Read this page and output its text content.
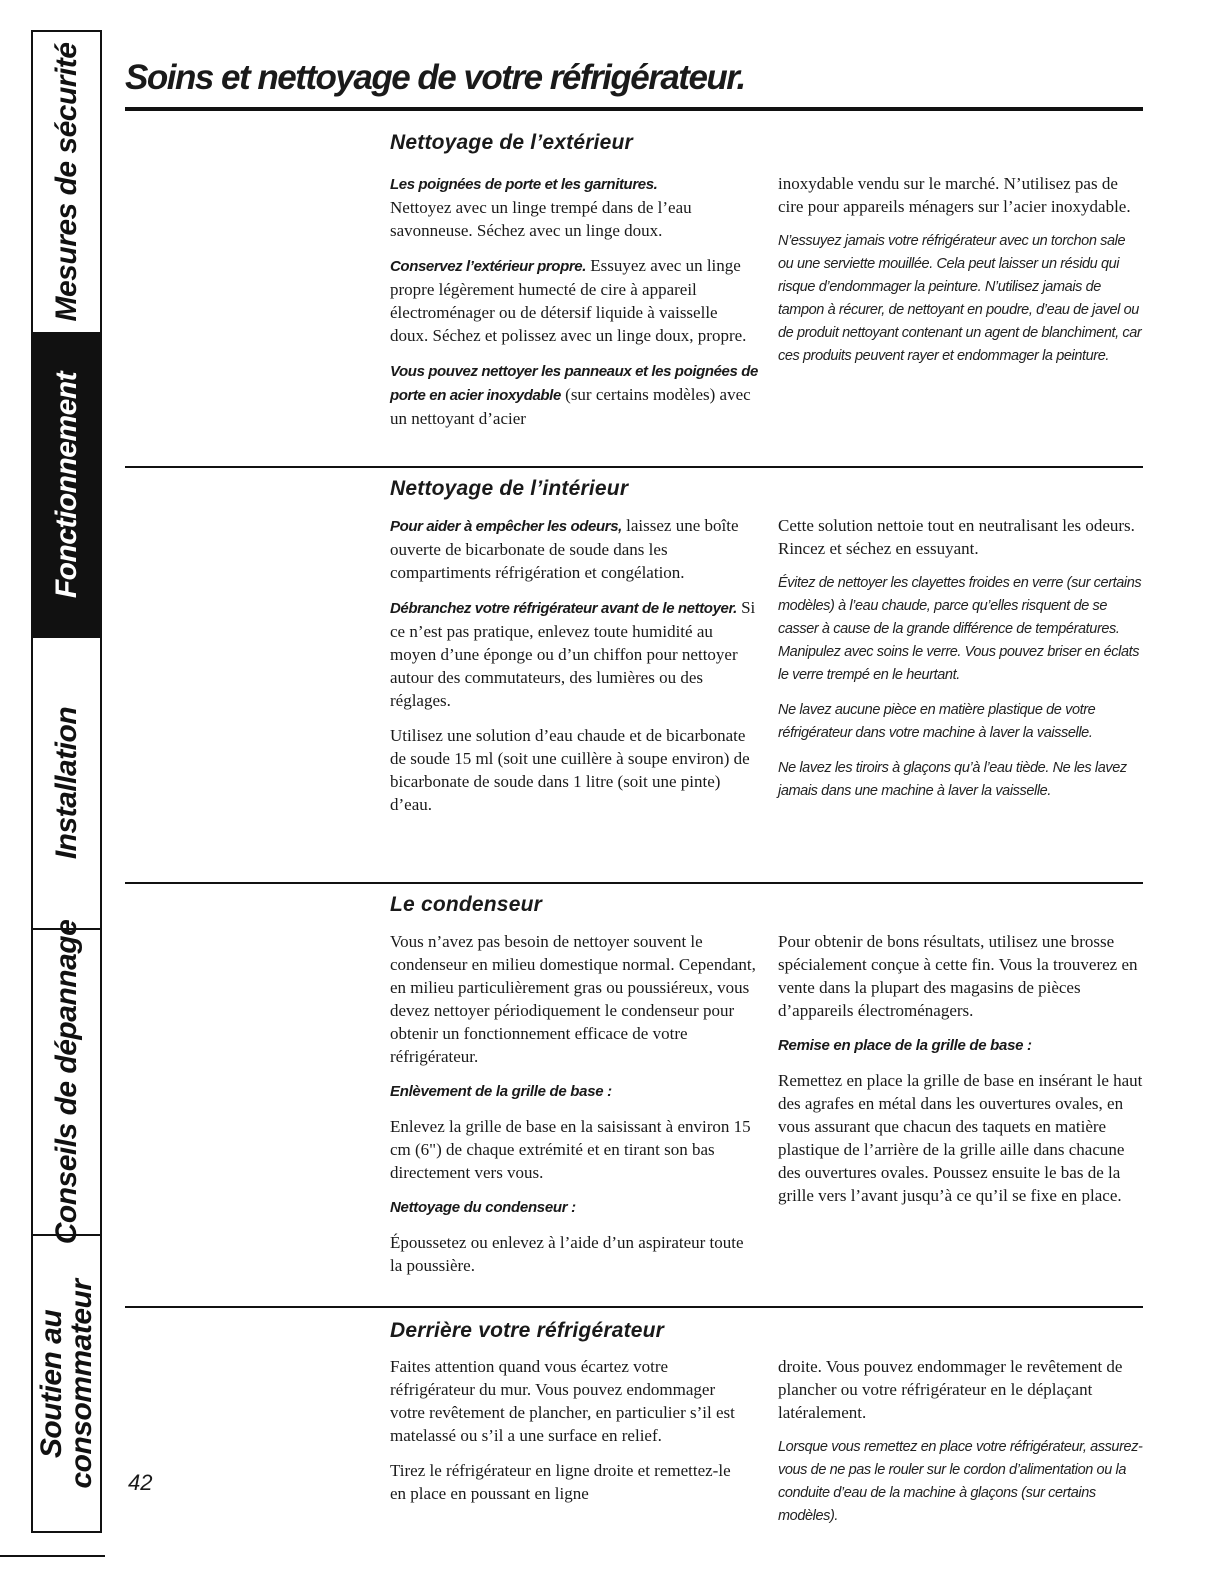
Mesures de sécurité
Fonctionnement
Installation
Conseils de dépannage
Soutien au
consommateur
Soins et nettoyage de votre réfrigérateur.
Nettoyage de l’extérieur

Les poignées de porte et les garnitures.
Nettoyez avec un linge trempé dans de l’eau savonneuse. Séchez avec un linge doux.

Conservez l’extérieur propre. Essuyez avec un linge propre légèrement humecté de cire à appareil électroménager ou de détersif liquide à vaisselle doux. Séchez et polissez avec un linge doux, propre.

Vous pouvez nettoyer les panneaux et les poignées de porte en acier inoxydable (sur certains modèles) avec un nettoyant d’acier

inoxydable vendu sur le marché. N’utilisez pas de cire pour appareils ménagers sur l’acier inoxydable.

N’essuyez jamais votre réfrigérateur avec un torchon sale ou une serviette mouillée. Cela peut laisser un résidu qui risque d’endommager la peinture. N’utilisez jamais de tampon à récurer, de nettoyant en poudre, d’eau de javel ou de produit nettoyant contenant un agent de blanchiment, car ces produits peuvent rayer et endommager la peinture.

Nettoyage de l’intérieur

Pour aider à empêcher les odeurs, laissez une boîte ouverte de bicarbonate de soude dans les compartiments réfrigération et congélation.

Débranchez votre réfrigérateur avant de le nettoyer. Si ce n’est pas pratique, enlevez toute humidité au moyen d’une éponge ou d’un chiffon pour nettoyer autour des commutateurs, des lumières ou des réglages.

Utilisez une solution d’eau chaude et de bicarbonate de soude 15 ml (soit une cuillère à soupe environ) de bicarbonate de soude dans 1 litre (soit une pinte) d’eau.

Cette solution nettoie tout en neutralisant les odeurs. Rincez et séchez en essuyant.

Évitez de nettoyer les clayettes froides en verre (sur certains modèles) à l’eau chaude, parce qu’elles risquent de se casser à cause de la grande différence de températures. Manipulez avec soins le verre. Vous pouvez briser en éclats le verre trempé en le heurtant.

Ne lavez aucune pièce en matière plastique de votre réfrigérateur dans votre machine à laver la vaisselle.

Ne lavez les tiroirs à glaçons qu’à l’eau tiède. Ne les lavez jamais dans une machine à laver la vaisselle.

Le condenseur

Vous n’avez pas besoin de nettoyer souvent le condenseur en milieu domestique normal. Cependant, en milieu particulièrement gras ou poussiéreux, vous devez nettoyer périodiquement le condenseur pour obtenir un fonctionnement efficace de votre réfrigérateur.

Enlèvement de la grille de base :

Enlevez la grille de base en la saisissant à environ 15 cm (6") de chaque extrémité et en tirant son bas directement vers vous.

Nettoyage du condenseur :

Époussetez ou enlevez à l’aide d’un aspirateur toute la poussière.

Pour obtenir de bons résultats, utilisez une brosse spécialement conçue à cette fin. Vous la trouverez en vente dans la plupart des magasins de pièces d’appareils électroménagers.

Remise en place de la grille de base :

Remettez en place la grille de base en insérant le haut des agrafes en métal dans les ouvertures ovales, en vous assurant que chacun des taquets en matière plastique de l’arrière de la grille aille dans chacune des ouvertures ovales. Poussez ensuite le bas de la grille vers l’avant jusqu’à ce qu’il se fixe en place.

Derrière votre réfrigérateur

Faites attention quand vous écartez votre réfrigérateur du mur. Vous pouvez endommager votre revêtement de plancher, en particulier s’il est matelassé ou s’il a une surface en relief.

Tirez le réfrigérateur en ligne droite et remettez-le en place en poussant en ligne

droite. Vous pouvez endommager le revêtement de plancher ou votre réfrigérateur en le déplaçant latéralement.

Lorsque vous remettez en place votre réfrigérateur, assurez-vous de ne pas le rouler sur le cordon d’alimentation ou la conduite d’eau de la machine à glaçons (sur certains modèles).

42
